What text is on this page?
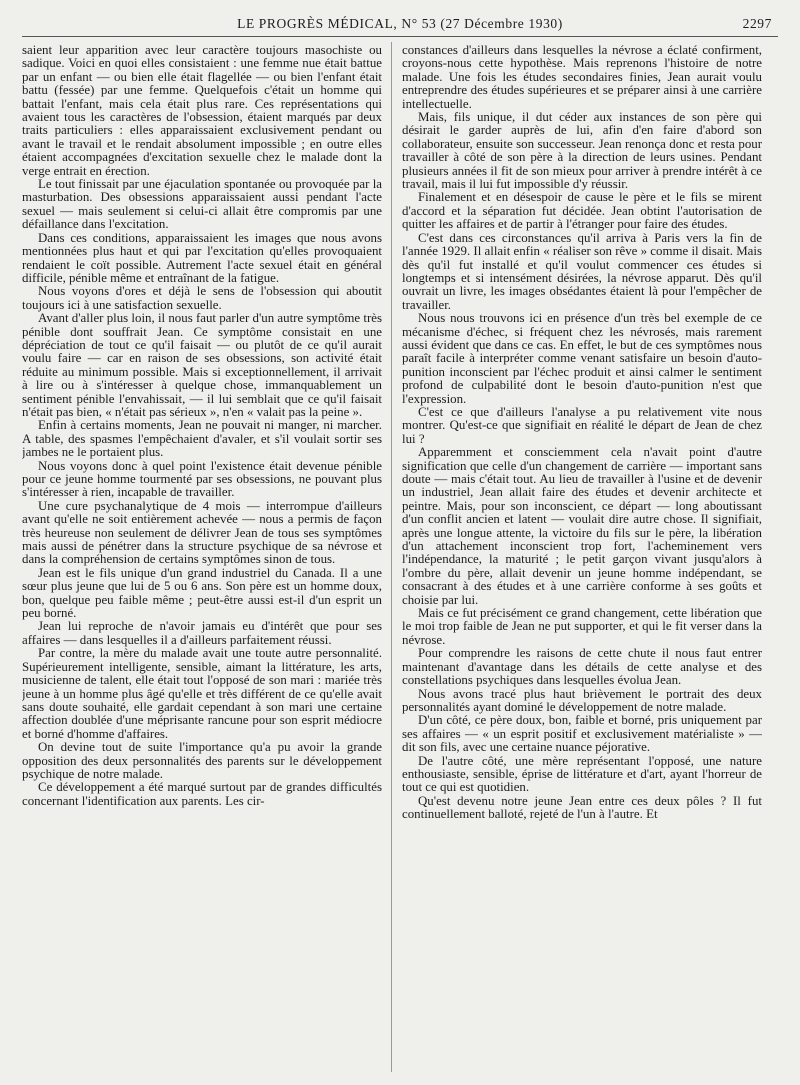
LE PROGRÈS MÉDICAL, N° 53 (27 Décembre 1930)	2297

saient leur apparition avec leur caractère toujours masochiste ou sadique. Voici en quoi elles consistaient : une femme nue était battue par un enfant — ou bien elle était flagellée — ou bien l'enfant était battu (fessée) par une femme. Quelquefois c'était un homme qui battait l'enfant, mais cela était plus rare. Ces représentations qui avaient tous les caractères de l'obsession, étaient marqués par deux traits particuliers : elles apparaissaient exclusivement pendant ou avant le travail et le rendait absolument impossible ; en outre elles étaient accompagnées d'excitation sexuelle chez le malade dont la verge entrait en érection.

Le tout finissait par une éjaculation spontanée ou provoquée par la masturbation. Des obsessions apparaissaient aussi pendant l'acte sexuel — mais seulement si celui-ci allait être compromis par une défaillance dans l'excitation.

Dans ces conditions, apparaissaient les images que nous avons mentionnées plus haut et qui par l'excitation qu'elles provoquaient rendaient le coït possible. Autrement l'acte sexuel était en général difficile, pénible même et entraînant de la fatigue.

Nous voyons d'ores et déjà le sens de l'obsession qui aboutit toujours ici à une satisfaction sexuelle.

Avant d'aller plus loin, il nous faut parler d'un autre symptôme très pénible dont souffrait Jean. Ce symptôme consistait en une dépréciation de tout ce qu'il faisait — ou plutôt de ce qu'il aurait voulu faire — car en raison de ses obsessions, son activité était réduite au minimum possible. Mais si exceptionnellement, il arrivait à lire ou à s'intéresser à quelque chose, immanquablement un sentiment pénible l'envahissait, — il lui semblait que ce qu'il faisait n'était pas bien, « n'était pas sérieux », n'en « valait pas la peine ».

Enfin à certains moments, Jean ne pouvait ni manger, ni marcher. A table, des spasmes l'empêchaient d'avaler, et s'il voulait sortir ses jambes ne le portaient plus.

Nous voyons donc à quel point l'existence était devenue pénible pour ce jeune homme tourmenté par ses obsessions, ne pouvant plus s'intéresser à rien, incapable de travailler.

Une cure psychanalytique de 4 mois — interrompue d'ailleurs avant qu'elle ne soit entièrement achevée — nous a permis de façon très heureuse non seulement de délivrer Jean de tous ses symptômes mais aussi de pénétrer dans la structure psychique de sa névrose et dans la compréhension de certains symptômes sinon de tous.

Jean est le fils unique d'un grand industriel du Canada. Il a une sœur plus jeune que lui de 5 ou 6 ans. Son père est un homme doux, bon, quelque peu faible même ; peut-être aussi est-il d'un esprit un peu borné.

Jean lui reproche de n'avoir jamais eu d'intérêt que pour ses affaires — dans lesquelles il a d'ailleurs parfaitement réussi.

Par contre, la mère du malade avait une toute autre personnalité. Supérieurement intelligente, sensible, aimant la littérature, les arts, musicienne de talent, elle était tout l'opposé de son mari : mariée très jeune à un homme plus âgé qu'elle et très différent de ce qu'elle avait sans doute souhaité, elle gardait cependant à son mari une certaine affection doublée d'une méprisante rancune pour son esprit médiocre et borné d'homme d'affaires.

On devine tout de suite l'importance qu'a pu avoir la grande opposition des deux personnalités des parents sur le développement psychique de notre malade.

Ce développement a été marqué surtout par de grandes difficultés concernant l'identification aux parents. Les cir-

constances d'ailleurs dans lesquelles la névrose a éclaté confirment, croyons-nous cette hypothèse. Mais reprenons l'histoire de notre malade. Une fois les études secondaires finies, Jean aurait voulu entreprendre des études supérieures et se préparer ainsi à une carrière intellectuelle.

Mais, fils unique, il dut céder aux instances de son père qui désirait le garder auprès de lui, afin d'en faire d'abord son collaborateur, ensuite son successeur. Jean renonça donc et resta pour travailler à côté de son père à la direction de leurs usines. Pendant plusieurs années il fit de son mieux pour arriver à prendre intérêt à ce travail, mais il lui fut impossible d'y réussir.

Finalement et en désespoir de cause le père et le fils se mirent d'accord et la séparation fut décidée. Jean obtint l'autorisation de quitter les affaires et de partir à l'étranger pour faire des études.

C'est dans ces circonstances qu'il arriva à Paris vers la fin de l'année 1929. Il allait enfin « réaliser son rêve » comme il disait. Mais dès qu'il fut installé et qu'il voulut commencer ces études si longtemps et si intensément désirées, la névrose apparut. Dès qu'il ouvrait un livre, les images obsédantes étaient là pour l'empêcher de travailler.

Nous nous trouvons ici en présence d'un très bel exemple de ce mécanisme d'échec, si fréquent chez les névrosés, mais rarement aussi évident que dans ce cas. En effet, le but de ces symptômes nous paraît facile à interpréter comme venant satisfaire un besoin d'auto-punition inconscient par l'échec produit et ainsi calmer le sentiment profond de culpabilité dont le besoin d'auto-punition n'est que l'expression.

C'est ce que d'ailleurs l'analyse a pu relativement vite nous montrer. Qu'est-ce que signifiait en réalité le départ de Jean de chez lui ?

Apparemment et consciemment cela n'avait point d'autre signification que celle d'un changement de carrière — important sans doute — mais c'était tout. Au lieu de travailler à l'usine et de devenir un industriel, Jean allait faire des études et devenir architecte et peintre. Mais, pour son inconscient, ce départ — long aboutissant d'un conflit ancien et latent — voulait dire autre chose. Il signifiait, après une longue attente, la victoire du fils sur le père, la libération d'un attachement inconscient trop fort, l'acheminement vers l'indépendance, la maturité ; le petit garçon vivant jusqu'alors à l'ombre du père, allait devenir un jeune homme indépendant, se consacrant à des études et à une carrière conforme à ses goûts et choisie par lui.

Mais ce fut précisément ce grand changement, cette libération que le moi trop faible de Jean ne put supporter, et qui le fit verser dans la névrose.

Pour comprendre les raisons de cette chute il nous faut entrer maintenant d'avantage dans les détails de cette analyse et des constellations psychiques dans lesquelles évolua Jean.

Nous avons tracé plus haut brièvement le portrait des deux personnalités ayant dominé le développement de notre malade.

D'un côté, ce père doux, bon, faible et borné, pris uniquement par ses affaires — « un esprit positif et exclusivement matérialiste » — dit son fils, avec une certaine nuance péjorative.

De l'autre côté, une mère représentant l'opposé, une nature enthousiaste, sensible, éprise de littérature et d'art, ayant l'horreur de tout ce qui est quotidien.

Qu'est devenu notre jeune Jean entre ces deux pôles ? Il fut continuellement balloté, rejeté de l'un à l'autre. Et
